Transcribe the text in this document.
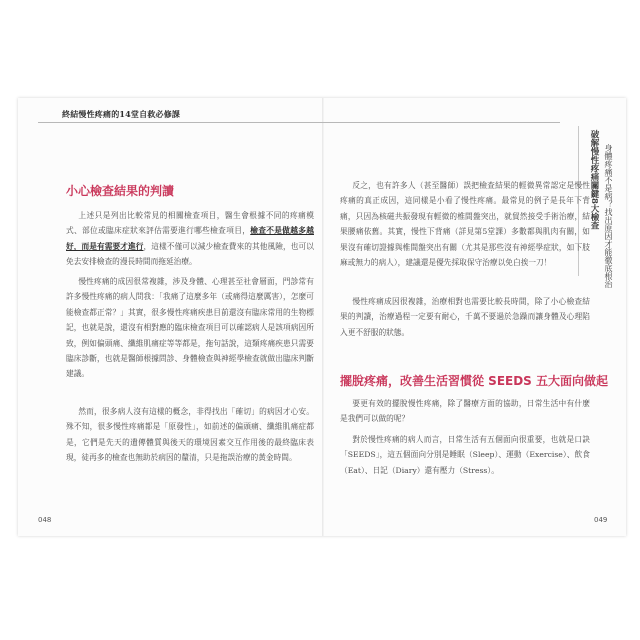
終結慢性疼痛的14堂自救必修課
破解慢性疼痛關鍵8大檢查 身體疼痛不是病？找出原因才能徹底根治
小心檢查結果的判讀

上述只是列出比較常見的相關檢查項目，醫生會根據不同的疼痛模式、部位或臨床症狀來評估需要進行哪些檢查項目，檢查不是做越多越好，而是有需要才進行，這樣不僅可以減少檢查費來的其他風險，也可以免去安排檢查的漫長時間而拖延治療。

慢性疼痛的成因很常複雜，涉及身體、心理甚至社會層面，門診常有許多慢性疼痛的病人問我：「我痛了這麼多年（或痛得這麼厲害），怎麼可能檢查都正常？」其實，很多慢性疼痛疾患目前還沒有臨床常用的生物標記，也就是說，還沒有相對應的臨床檢查項目可以確認病人是該項病因所致，例如偏頭痛、纖維肌痛症等等都是，拖句話說，這類疼痛疾患只需要臨床診斷，也就是醫師根據問診、身體檢查與神經學檢查就做出臨床判斷建議。

然而，很多病人沒有這樣的概念，非得找出「確切」的病因才心安。殊不知，很多慢性疼痛都是「原發性」，如前述的偏頭痛、纖維肌痛症都是，它們是先天的遺傳體質與後天的環境因素交互作用後的最終臨床表現，徒再多的檢查也無助於病因的釐清，只是拖誤治療的黃金時間。

048

反之，也有許多人（甚至醫師）誤把檢查結果的輕微異常認定是慢性疼痛的真正成因，這同樣是小看了慢性疼痛。最常見的例子是長年下背痛，只因為核磁共振發現有輕微的椎間盤突出，就貿然接受手術治療，結果腰痛依舊。其實，慢性下背痛（詳見第5堂課）多數都與肌肉有關，如果沒有確切證據與椎間盤突出有關（尤其是那些沒有神經學症狀，如下肢麻或無力的病人），建議還是優先採取保守治療以免白挨一刀！

慢性疼痛成因很複雜，治療相對也需要比較長時間，除了小心檢查結果的判讀，治療過程一定要有耐心，千萬不要過於急躁而讓身體及心理陷入更不舒服的狀態。

擺脫疼痛，改善生活習慣從 SEEDS 五大面向做起

要更有效的擺脫慢性疼痛，除了醫療方面的協助，日常生活中有什麼是我們可以做的呢？

對於慢性疼痛的病人而言，日常生活有五個面向很重要，也就是口訣「SEEDS」，這五個面向分別是睡眠（Sleep）、運動（Exercise）、飲食（Eat）、日記（Diary）還有壓力（Stress）。

049
